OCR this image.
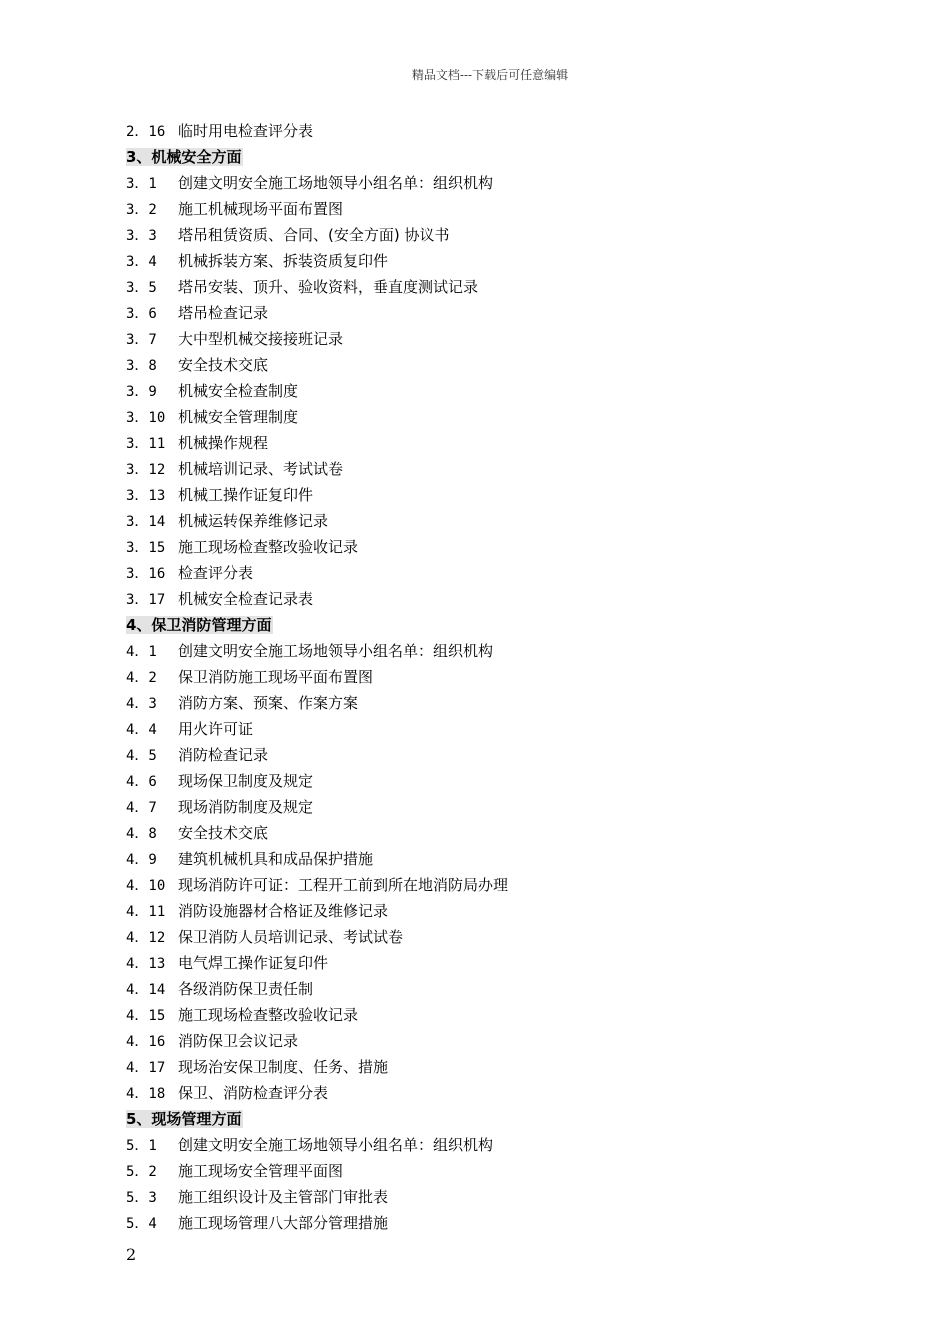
精品文档---下载后可任意编辑
2．16 临时用电检查评分表
3、机械安全方面
3．1 创建文明安全施工场地领导小组名单：组织机构
3．2 施工机械现场平面布置图
3．3 塔吊租赁资质、合同、(安全方面) 协议书
3．4 机械拆装方案、拆装资质复印件
3．5 塔吊安装、顶升、验收资料，垂直度测试记录
3．6 塔吊检查记录
3．7 大中型机械交接接班记录
3．8 安全技术交底
3．9 机械安全检查制度
3．10 机械安全管理制度
3．11 机械操作规程
3．12 机械培训记录、考试试卷
3．13 机械工操作证复印件
3．14 机械运转保养维修记录
3．15 施工现场检查整改验收记录
3．16 检查评分表
3．17 机械安全检查记录表
4、保卫消防管理方面
4．1 创建文明安全施工场地领导小组名单：组织机构
4．2 保卫消防施工现场平面布置图
4．3 消防方案、预案、作案方案
4．4 用火许可证
4．5 消防检查记录
4．6 现场保卫制度及规定
4．7 现场消防制度及规定
4．8 安全技术交底
4．9 建筑机械机具和成品保护措施
4．10 现场消防许可证：工程开工前到所在地消防局办理
4．11 消防设施器材合格证及维修记录
4．12 保卫消防人员培训记录、考试试卷
4．13 电气焊工操作证复印件
4．14 各级消防保卫责任制
4．15 施工现场检查整改验收记录
4．16 消防保卫会议记录
4．17 现场治安保卫制度、任务、措施
4．18 保卫、消防检查评分表
5、现场管理方面
5．1 创建文明安全施工场地领导小组名单：组织机构
5．2 施工现场安全管理平面图
5．3 施工组织设计及主管部门审批表
5．4 施工现场管理八大部分管理措施
2
